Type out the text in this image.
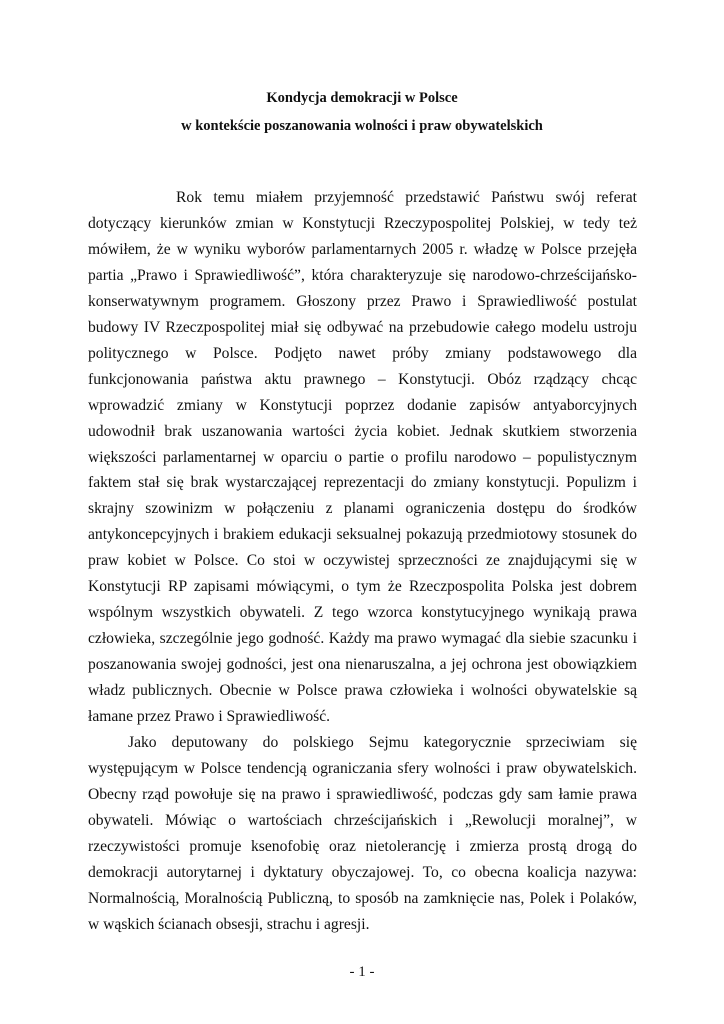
Kondycja demokracji w Polsce
w kontekście poszanowania wolności i praw obywatelskich

Rok temu miałem przyjemność przedstawić Państwu swój referat dotyczący kierunków zmian w Konstytucji Rzeczypospolitej Polskiej, w tedy też mówiłem, że w wyniku wyborów parlamentarnych 2005 r. władzę w Polsce przejęła partia „Prawo i Sprawiedliwość”, która charakteryzuje się narodowo-chrześcijańsko-konserwatywnym programem. Głoszony przez Prawo i Sprawiedliwość postulat budowy IV Rzeczpospolitej miał się odbywać na przebudowie całego modelu ustroju politycznego w Polsce. Podjęto nawet próby zmiany podstawowego dla funkcjonowania państwa aktu prawnego – Konstytucji. Obóz rządzący chcąc wprowadzić zmiany w Konstytucji poprzez dodanie zapisów antyaborcyjnych udowodnił brak uszanowania wartości życia kobiet. Jednak skutkiem stworzenia większości parlamentarnej w oparciu o partie o profilu narodowo – populistycznym faktem stał się brak wystarczającej reprezentacji do zmiany konstytucji. Populizm i skrajny szowinizm w połączeniu z planami ograniczenia dostępu do środków antykoncepcyjnych i brakiem edukacji seksualnej pokazują przedmiotowy stosunek do praw kobiet w Polsce. Co stoi w oczywistej sprzeczności ze znajdującymi się w Konstytucji RP zapisami mówiącymi, o tym że Rzeczpospolita Polska jest dobrem wspólnym wszystkich obywateli. Z tego wzorca konstytucyjnego wynikają prawa człowieka, szczególnie jego godność. Każdy ma prawo wymagać dla siebie szacunku i poszanowania swojej godności, jest ona nienaruszalna, a jej ochrona jest obowiązkiem władz publicznych. Obecnie w Polsce prawa człowieka i wolności obywatelskie są łamane przez Prawo i Sprawiedliwość.

Jako deputowany do polskiego Sejmu kategorycznie sprzeciwiam się występującym w Polsce tendencją ograniczania sfery wolności i praw obywatelskich. Obecny rząd powołuje się na prawo i sprawiedliwość, podczas gdy sam łamie prawa obywateli. Mówiąc o wartościach chrześcijańskich i „Rewolucji moralnej”, w rzeczywistości promuje ksenofobię oraz nietolerancję i zmierza prostą drogą do demokracji autorytarnej i dyktatury obyczajowej. To, co obecna koalicja nazywa: Normalnością, Moralnością Publiczną, to sposób na zamknięcie nas, Polek i Polaków, w wąskich ścianach obsesji, strachu i agresji.

- 1 -
